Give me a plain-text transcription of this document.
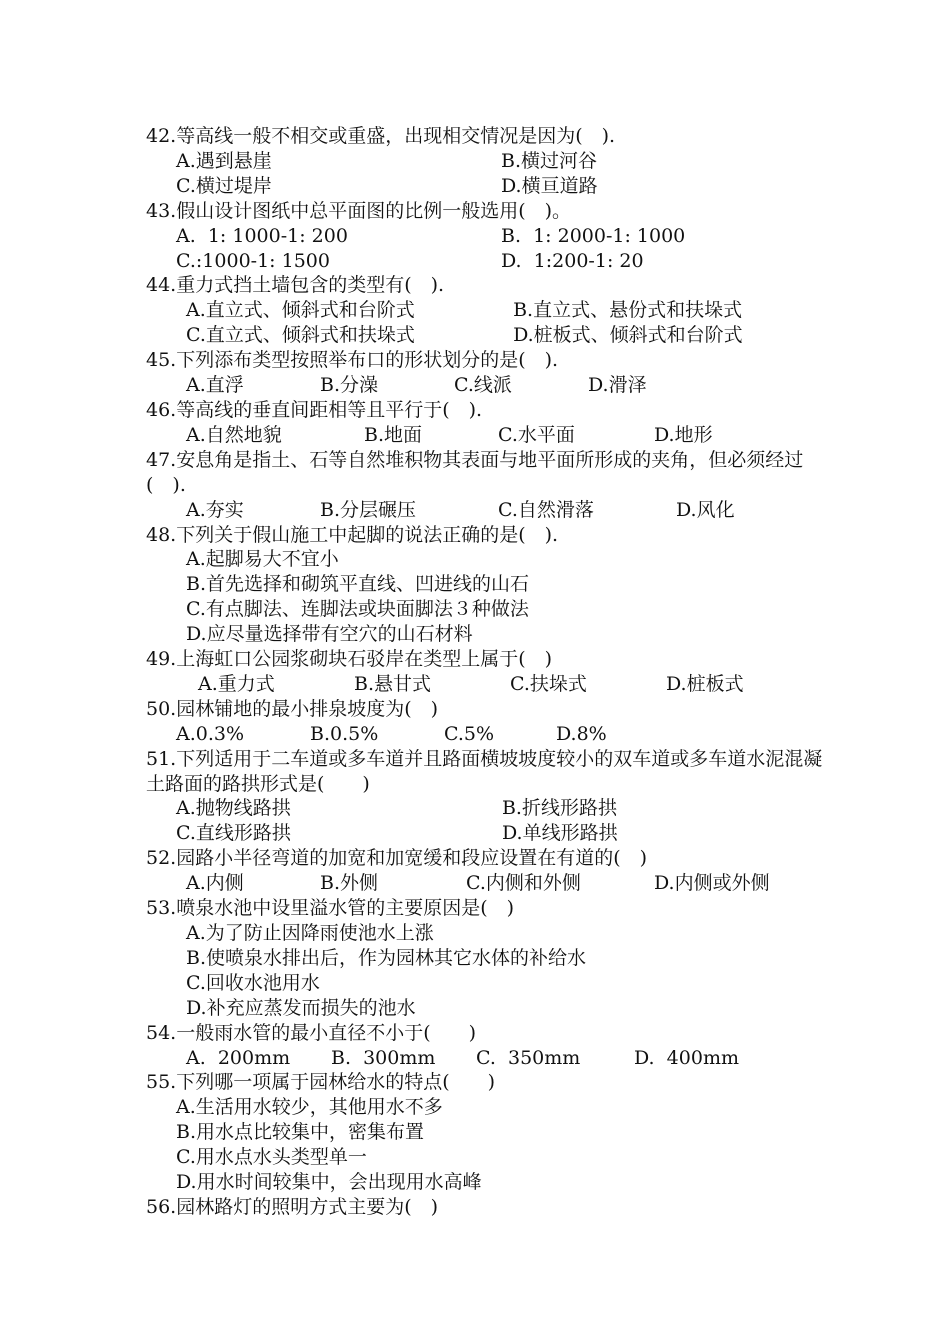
42.等高线一般不相交或重盛，出现相交情况是因为(　).
A.遇到悬崖	B.横过河谷
C.横过堤岸	D.横亘道路
43.假山设计图纸中总平面图的比例一般选用(　)。
A.  1: 1000-1: 200	B.  1: 2000-1: 1000
C.:1000-1: 1500	D.  1:200-1: 20
44.重力式挡土墙包含的类型有(　).
A.直立式、倾斜式和台阶式	B.直立式、悬份式和扶垛式
C.直立式、倾斜式和扶垛式	D.桩板式、倾斜式和台阶式
45.下列添布类型按照举布口的形状划分的是(　).
A.直浮	B.分澡	C.线派	D.滑泽
46.等高线的垂直间距相等且平行于(　).
A.自然地貌	B.地面	C.水平面	D.地形
47.安息角是指土、石等自然堆积物其表面与地平面所形成的夹角，但必须经过(　).
A.夯实	B.分层碾压	C.自然滑落	D.风化
48.下列关于假山施工中起脚的说法正确的是(　).
A.起脚易大不宜小
B.首先选择和砌筑平直线、凹进线的山石
C.有点脚法、连脚法或块面脚法３种做法
D.应尽量选择带有空穴的山石材料
49.上海虹口公园浆砌块石驳岸在类型上属于(　)
A.重力式	B.悬甘式	C.扶垛式	D.桩板式
50.园林铺地的最小排泉坡度为(　)
A.0.3%	B.0.5%	C.5%	D.8%
51.下列适用于二车道或多车道并且路面横坡坡度较小的双车道或多车道水泥混凝土路面的路拱形式是(　　)
A.抛物线路拱	B.折线形路拱
C.直线形路拱	D.单线形路拱
52.园路小半径弯道的加宽和加宽缓和段应设置在有道的(　)
A.内侧	B.外侧	C.内侧和外侧	D.内侧或外侧
53.喷泉水池中设里溢水管的主要原因是(　)
A.为了防止因降雨使池水上涨
B.使喷泉水排出后，作为园林其它水体的补给水
C.回收水池用水
D.补充应蒸发而损失的池水
54.一般雨水管的最小直径不小于(　　)
A.  200mm	B.  300mm	C.  350mm	D.  400mm
55.下列哪一项属于园林给水的特点(　　)
A.生活用水较少，其他用水不多
B.用水点比较集中，密集布置
C.用水点水头类型单一
D.用水时间较集中，会出现用水高峰
56.园林路灯的照明方式主要为(　)
